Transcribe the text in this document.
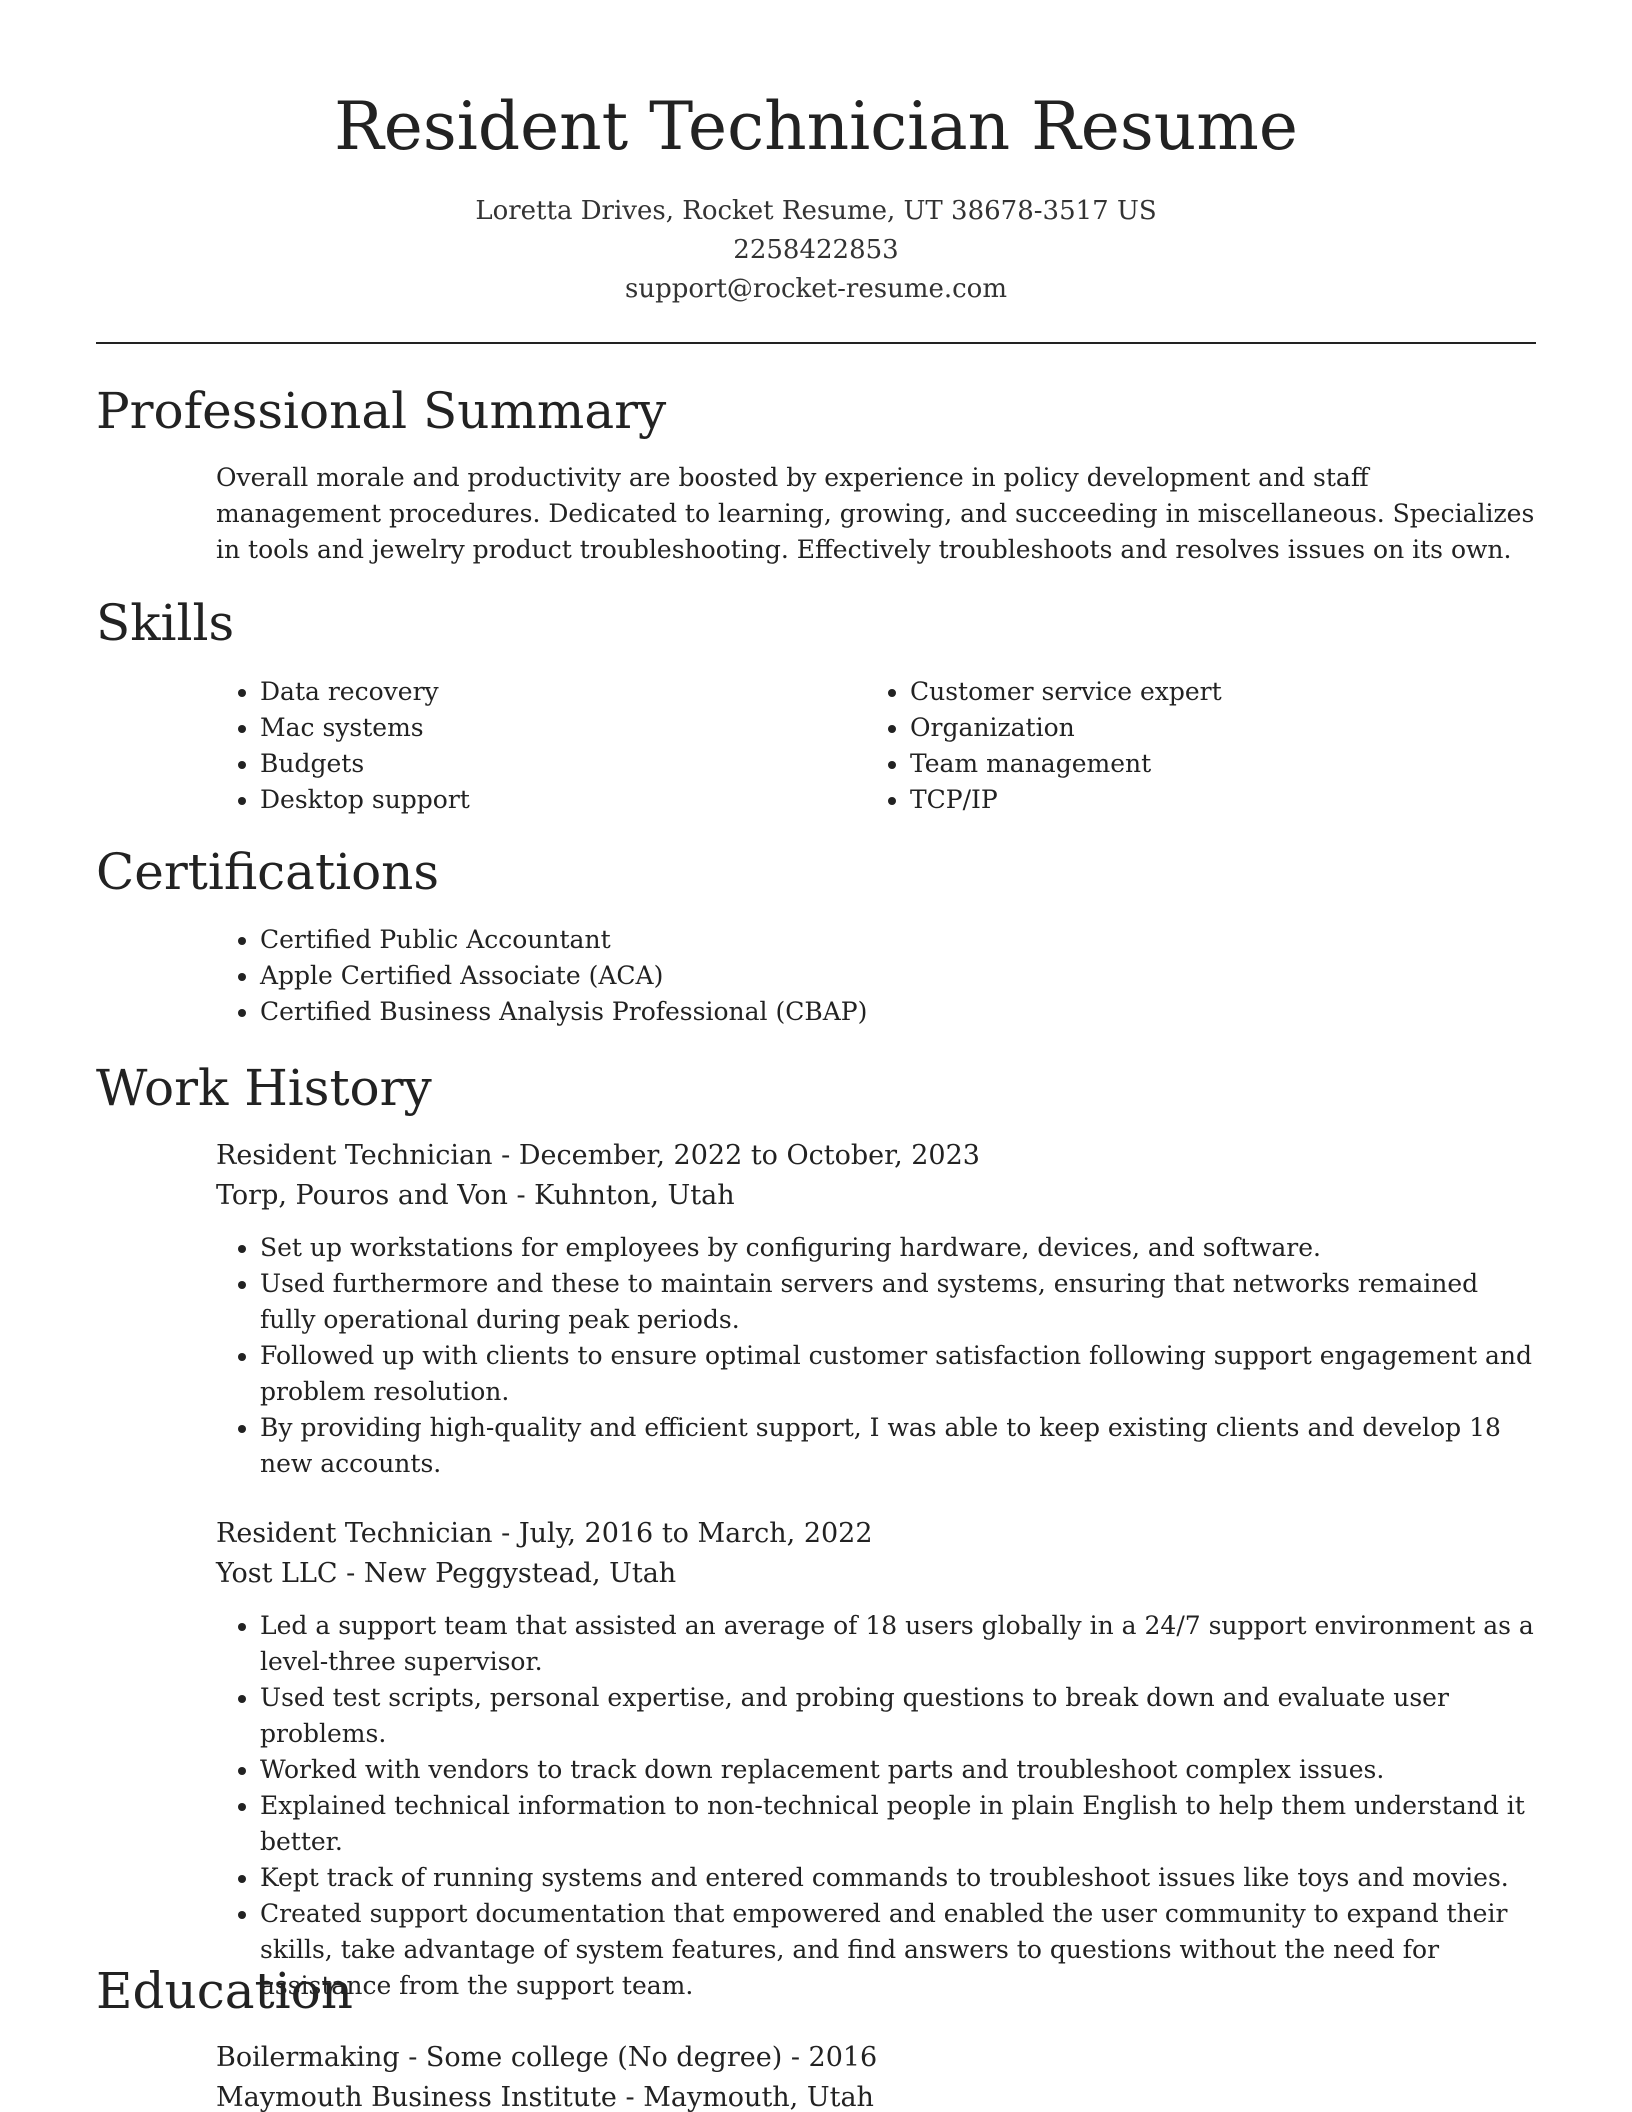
Resident Technician Resume
Loretta Drives, Rocket Resume, UT 38678-3517 US
2258422853
support@rocket-resume.com
Professional Summary
Overall morale and productivity are boosted by experience in policy development and staff management procedures. Dedicated to learning, growing, and succeeding in miscellaneous. Specializes in tools and jewelry product troubleshooting. Effectively troubleshoots and resolves issues on its own.
Skills
• Data recovery
• Mac systems
• Budgets
• Desktop support
• Customer service expert
• Organization
• Team management
• TCP/IP
Certifications
• Certified Public Accountant
• Apple Certified Associate (ACA)
• Certified Business Analysis Professional (CBAP)
Work History
Resident Technician - December, 2022 to October, 2023
Torp, Pouros and Von - Kuhnton, Utah
• Set up workstations for employees by configuring hardware, devices, and software.
• Used furthermore and these to maintain servers and systems, ensuring that networks remained fully operational during peak periods.
• Followed up with clients to ensure optimal customer satisfaction following support engagement and problem resolution.
• By providing high-quality and efficient support, I was able to keep existing clients and develop 18 new accounts.
Resident Technician - July, 2016 to March, 2022
Yost LLC - New Peggystead, Utah
• Led a support team that assisted an average of 18 users globally in a 24/7 support environment as a level-three supervisor.
• Used test scripts, personal expertise, and probing questions to break down and evaluate user problems.
• Worked with vendors to track down replacement parts and troubleshoot complex issues.
• Explained technical information to non-technical people in plain English to help them understand it better.
• Kept track of running systems and entered commands to troubleshoot issues like toys and movies.
• Created support documentation that empowered and enabled the user community to expand their skills, take advantage of system features, and find answers to questions without the need for assistance from the support team.
Education
Boilermaking - Some college (No degree) - 2016
Maymouth Business Institute - Maymouth, Utah
